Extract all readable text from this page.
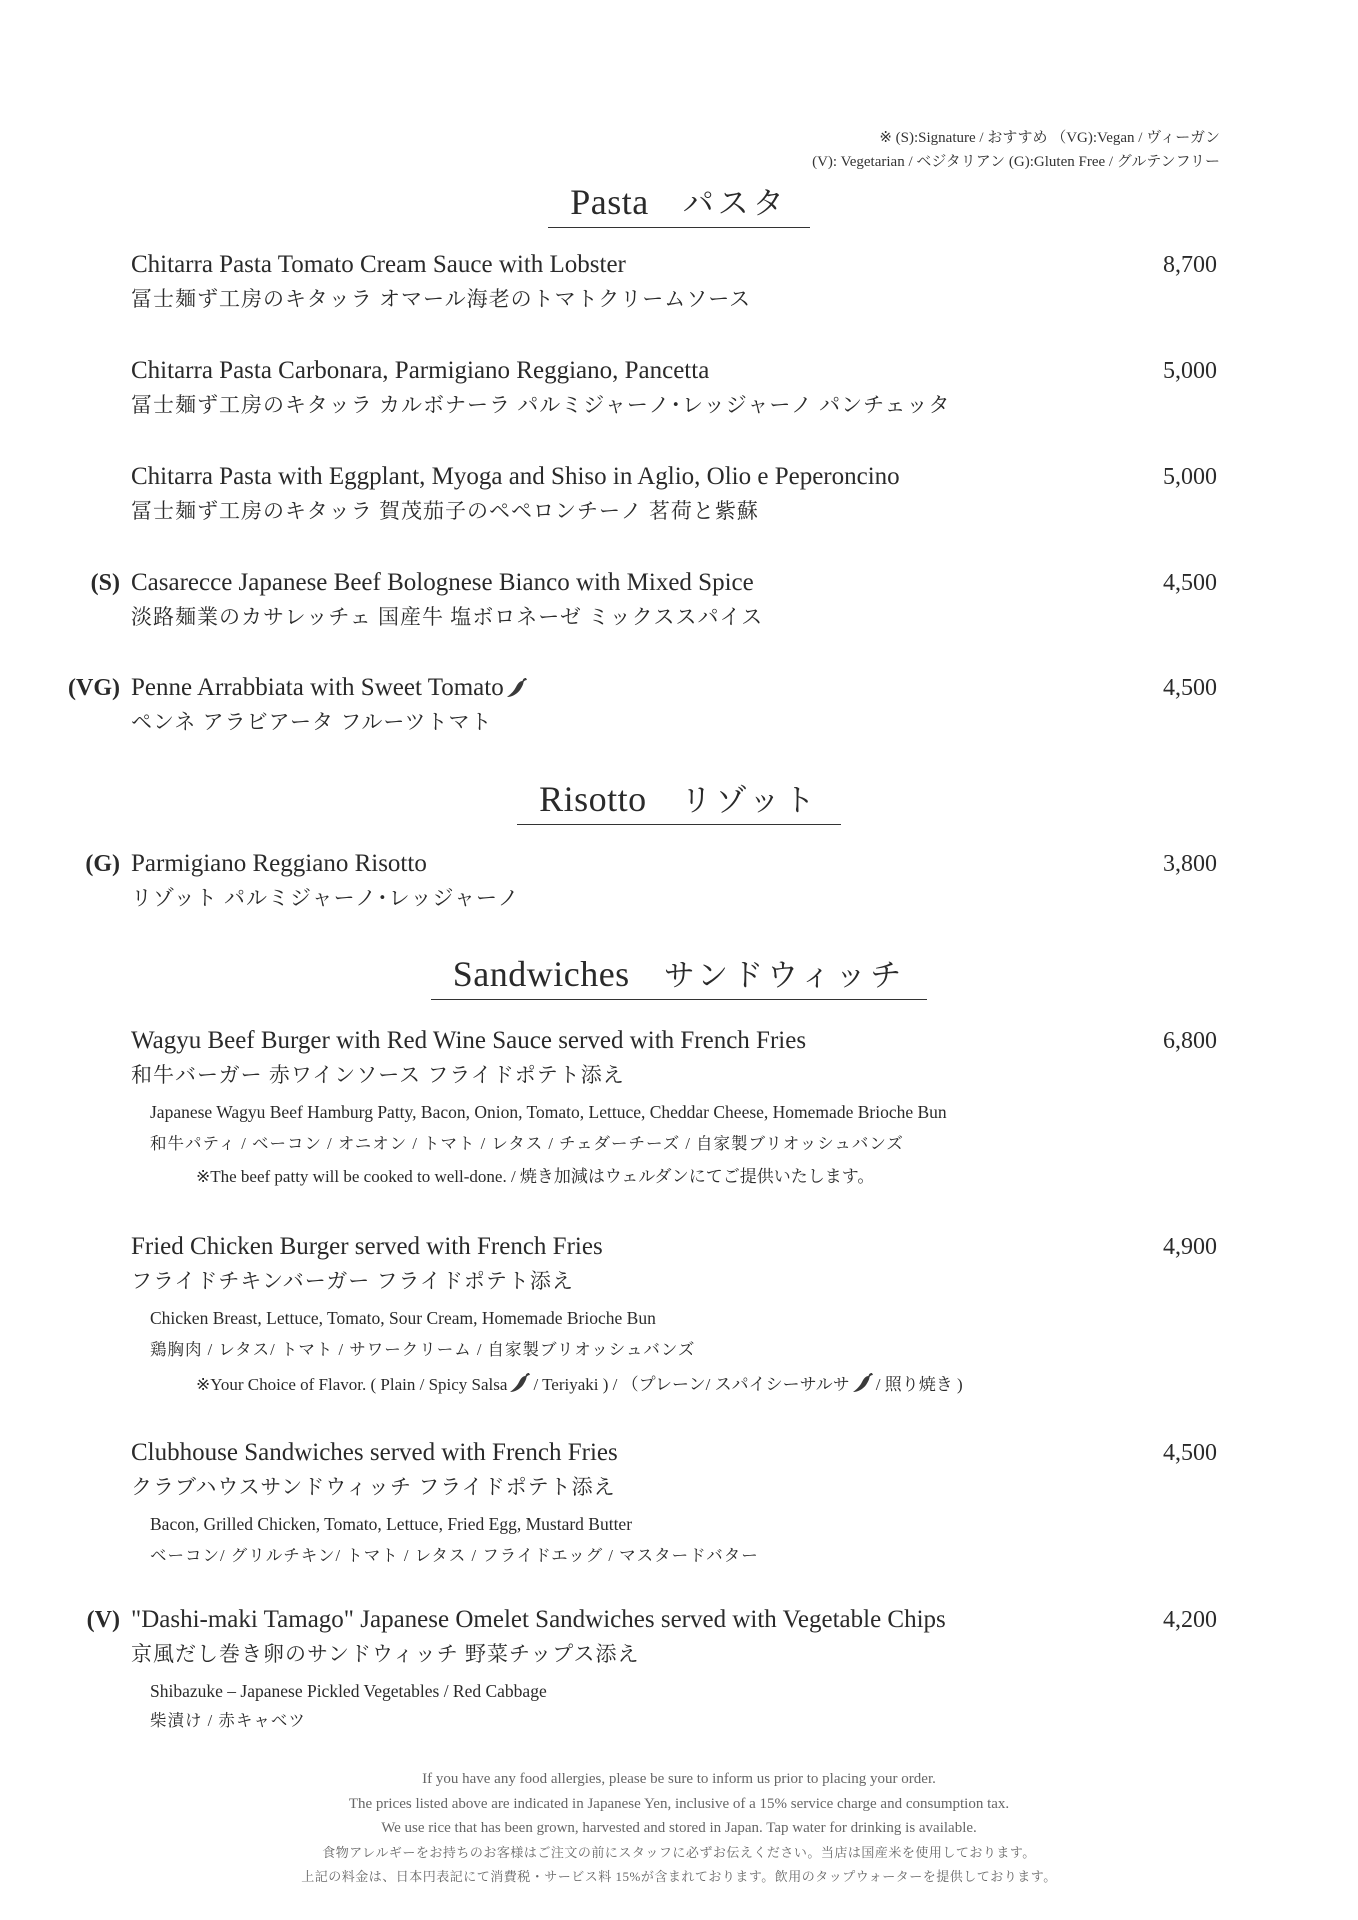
※ (S):Signature / おすすめ （VG):Vegan / ヴィーガン
(V): Vegetarian / ベジタリアン (G):Gluten Free / グルテンフリー
Pasta パスタ
Chitarra Pasta Tomato Cream Sauce with Lobster
冨士麺ず工房のキタッラ オマール海老のトマトクリームソース
8,700
Chitarra Pasta Carbonara, Parmigiano Reggiano, Pancetta
冨士麺ず工房のキタッラ カルボナーラ パルミジャーノ･レッジャーノ パンチェッタ
5,000
Chitarra Pasta with Eggplant, Myoga and Shiso in Aglio, Olio e Peperoncino
冨士麺ず工房のキタッラ 賀茂茄子のペペロンチーノ 茗荷と紫蘇
5,000
(S) Casarecce Japanese Beef Bolognese Bianco with Mixed Spice
淡路麺業のカサレッチェ 国産牛 塩ボロネーゼ ミックススパイス
4,500
(VG) Penne Arrabbiata with Sweet Tomato
ペンネ アラビアータ フルーツトマト
4,500
Risotto リゾット
(G) Parmigiano Reggiano Risotto
リゾット パルミジャーノ･レッジャーノ
3,800
Sandwiches サンドウィッチ
Wagyu Beef Burger with Red Wine Sauce served with French Fries
和牛バーガー 赤ワインソース フライドポテト添え
6,800
Japanese Wagyu Beef Hamburg Patty, Bacon, Onion, Tomato, Lettuce, Cheddar Cheese, Homemade Brioche Bun
和牛パティ / ベーコン / オニオン / トマト / レタス / チェダーチーズ / 自家製ブリオッシュバンズ
※The beef patty will be cooked to well-done. / 焼き加減はウェルダンにてご提供いたします。
Fried Chicken Burger served with French Fries
フライドチキンバーガー フライドポテト添え
4,900
Chicken Breast, Lettuce, Tomato, Sour Cream, Homemade Brioche Bun
鶏胸肉 / レタス/ トマト / サワークリーム / 自家製ブリオッシュバンズ
※Your Choice of Flavor. ( Plain / Spicy Salsa / Teriyaki ) / （プレーン/ スパイシーサルサ / 照り焼き )
Clubhouse Sandwiches served with French Fries
クラブハウスサンドウィッチ フライドポテト添え
4,500
Bacon, Grilled Chicken, Tomato, Lettuce, Fried Egg, Mustard Butter
ベーコン/ グリルチキン/ トマト / レタス / フライドエッグ / マスタードバター
(V) "Dashi-maki Tamago" Japanese Omelet Sandwiches served with Vegetable Chips
京風だし巻き卵のサンドウィッチ 野菜チップス添え
4,200
Shibazuke – Japanese Pickled Vegetables / Red Cabbage
柴漬け / 赤キャベツ
If you have any food allergies, please be sure to inform us prior to placing your order.
The prices listed above are indicated in Japanese Yen, inclusive of a 15% service charge and consumption tax.
We use rice that has been grown, harvested and stored in Japan. Tap water for drinking is available.
食物アレルギーをお持ちのお客様はご注文の前にスタッフに必ずお伝えください。当店は国産米を使用しております。
上記の料金は、日本円表記にて消費税・サービス料 15%が含まれております。飲用のタップウォーターを提供しております。
